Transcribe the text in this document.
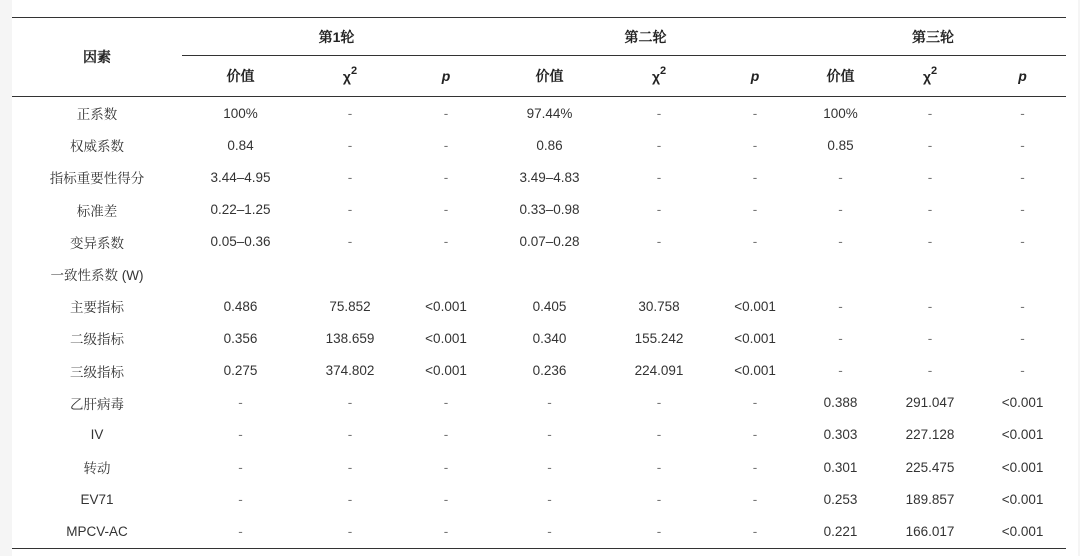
因素	第1轮			第二轮			第三轮		
	价值	$\chi^2$	p	价值	$\chi^2$	p	价值	$\chi^2$	p
正系数	100%	-	-	97.44%	-	-	100%	-	-
权威系数	0.84	-	-	0.86	-	-	0.85	-	-
指标重要性得分	3.44–4.95	-	-	3.49–4.83	-	-	-	-	-
标准差	0.22–1.25	-	-	0.33–0.98	-	-	-	-	-
变异系数	0.05–0.36	-	-	0.07–0.28	-	-	-	-	-
一致性系数 (W)									
主要指标	0.486	75.852	<0.001	0.405	30.758	<0.001	-	-	-
二级指标	0.356	138.659	<0.001	0.340	155.242	<0.001	-	-	-
三级指标	0.275	374.802	<0.001	0.236	224.091	<0.001	-	-	-
乙肝病毒	-	-	-	-	-	-	0.388	291.047	<0.001
IV	-	-	-	-	-	-	0.303	227.128	<0.001
转动	-	-	-	-	-	-	0.301	225.475	<0.001
EV71	-	-	-	-	-	-	0.253	189.857	<0.001
MPCV-AC	-	-	-	-	-	-	0.221	166.017	<0.001
